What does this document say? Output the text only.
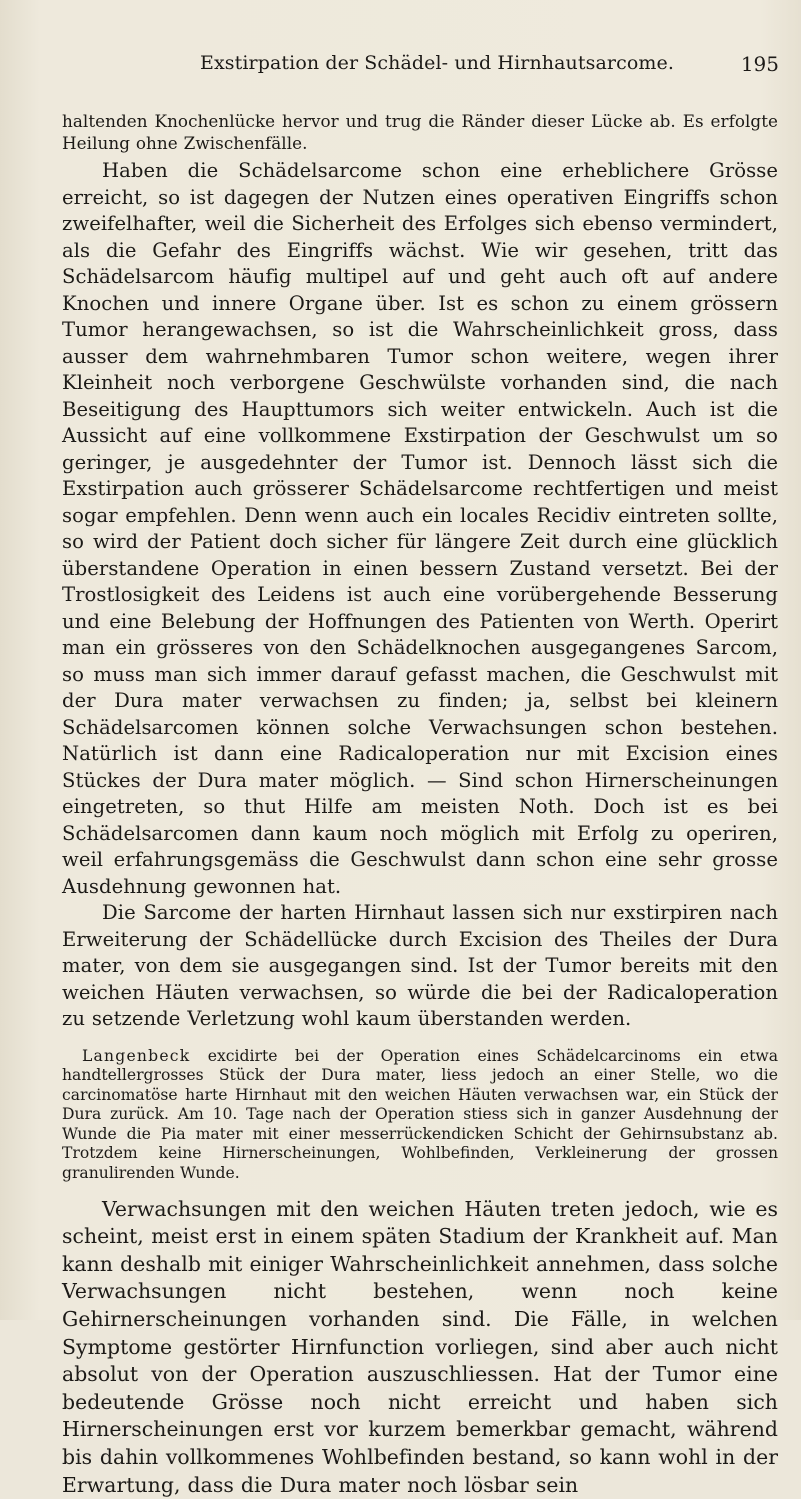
Exstirpation der Schädel- und Hirnhautsarcome.	195

haltenden Knochenlücke hervor und trug die Ränder dieser Lücke ab. Es erfolgte Heilung ohne Zwischenfälle.

Haben die Schädelsarcome schon eine erheblichere Grösse erreicht, so ist dagegen der Nutzen eines operativen Eingriffs schon zweifelhafter, weil die Sicherheit des Erfolges sich ebenso vermindert, als die Gefahr des Eingriffs wächst. Wie wir gesehen, tritt das Schädelsarcom häufig multipel auf und geht auch oft auf andere Knochen und innere Organe über. Ist es schon zu einem grössern Tumor herangewachsen, so ist die Wahrscheinlichkeit gross, dass ausser dem wahrnehmbaren Tumor schon weitere, wegen ihrer Kleinheit noch verborgene Geschwülste vorhanden sind, die nach Beseitigung des Haupttumors sich weiter entwickeln. Auch ist die Aussicht auf eine vollkommene Exstirpation der Geschwulst um so geringer, je ausgedehnter der Tumor ist. Dennoch lässt sich die Exstirpation auch grösserer Schädelsarcome rechtfertigen und meist sogar empfehlen. Denn wenn auch ein locales Recidiv eintreten sollte, so wird der Patient doch sicher für längere Zeit durch eine glücklich überstandene Operation in einen bessern Zustand versetzt. Bei der Trostlosigkeit des Leidens ist auch eine vorübergehende Besserung und eine Belebung der Hoffnungen des Patienten von Werth. Operirt man ein grösseres von den Schädelknochen ausgegangenes Sarcom, so muss man sich immer darauf gefasst machen, die Geschwulst mit der Dura mater verwachsen zu finden; ja, selbst bei kleinern Schädelsarcomen können solche Verwachsungen schon bestehen. Natürlich ist dann eine Radicaloperation nur mit Excision eines Stückes der Dura mater möglich. — Sind schon Hirnerscheinungen eingetreten, so thut Hilfe am meisten Noth. Doch ist es bei Schädelsarcomen dann kaum noch möglich mit Erfolg zu operiren, weil erfahrungsgemäss die Geschwulst dann schon eine sehr grosse Ausdehnung gewonnen hat.

Die Sarcome der harten Hirnhaut lassen sich nur exstirpiren nach Erweiterung der Schädellücke durch Excision des Theiles der Dura mater, von dem sie ausgegangen sind. Ist der Tumor bereits mit den weichen Häuten verwachsen, so würde die bei der Radicaloperation zu setzende Verletzung wohl kaum überstanden werden.

Langenbeck excidirte bei der Operation eines Schädelcarcinoms ein etwa handtellergrosses Stück der Dura mater, liess jedoch an einer Stelle, wo die carcinomatöse harte Hirnhaut mit den weichen Häuten verwachsen war, ein Stück der Dura zurück. Am 10. Tage nach der Operation stiess sich in ganzer Ausdehnung der Wunde die Pia mater mit einer messerrückendicken Schicht der Gehirnsubstanz ab. Trotzdem keine Hirnerscheinungen, Wohlbefinden, Verkleinerung der grossen granulirenden Wunde.

Verwachsungen mit den weichen Häuten treten jedoch, wie es scheint, meist erst in einem späten Stadium der Krankheit auf. Man kann deshalb mit einiger Wahrscheinlichkeit annehmen, dass solche Verwachsungen nicht bestehen, wenn noch keine Gehirnerscheinungen vorhanden sind. Die Fälle, in welchen Symptome gestörter Hirnfunction vorliegen, sind aber auch nicht absolut von der Operation auszuschliessen. Hat der Tumor eine bedeutende Grösse noch nicht erreicht und haben sich Hirnerscheinungen erst vor kurzem bemerkbar gemacht, während bis dahin vollkommenes Wohlbefinden bestand, so kann wohl in der Erwartung, dass die Dura mater noch lösbar sein
